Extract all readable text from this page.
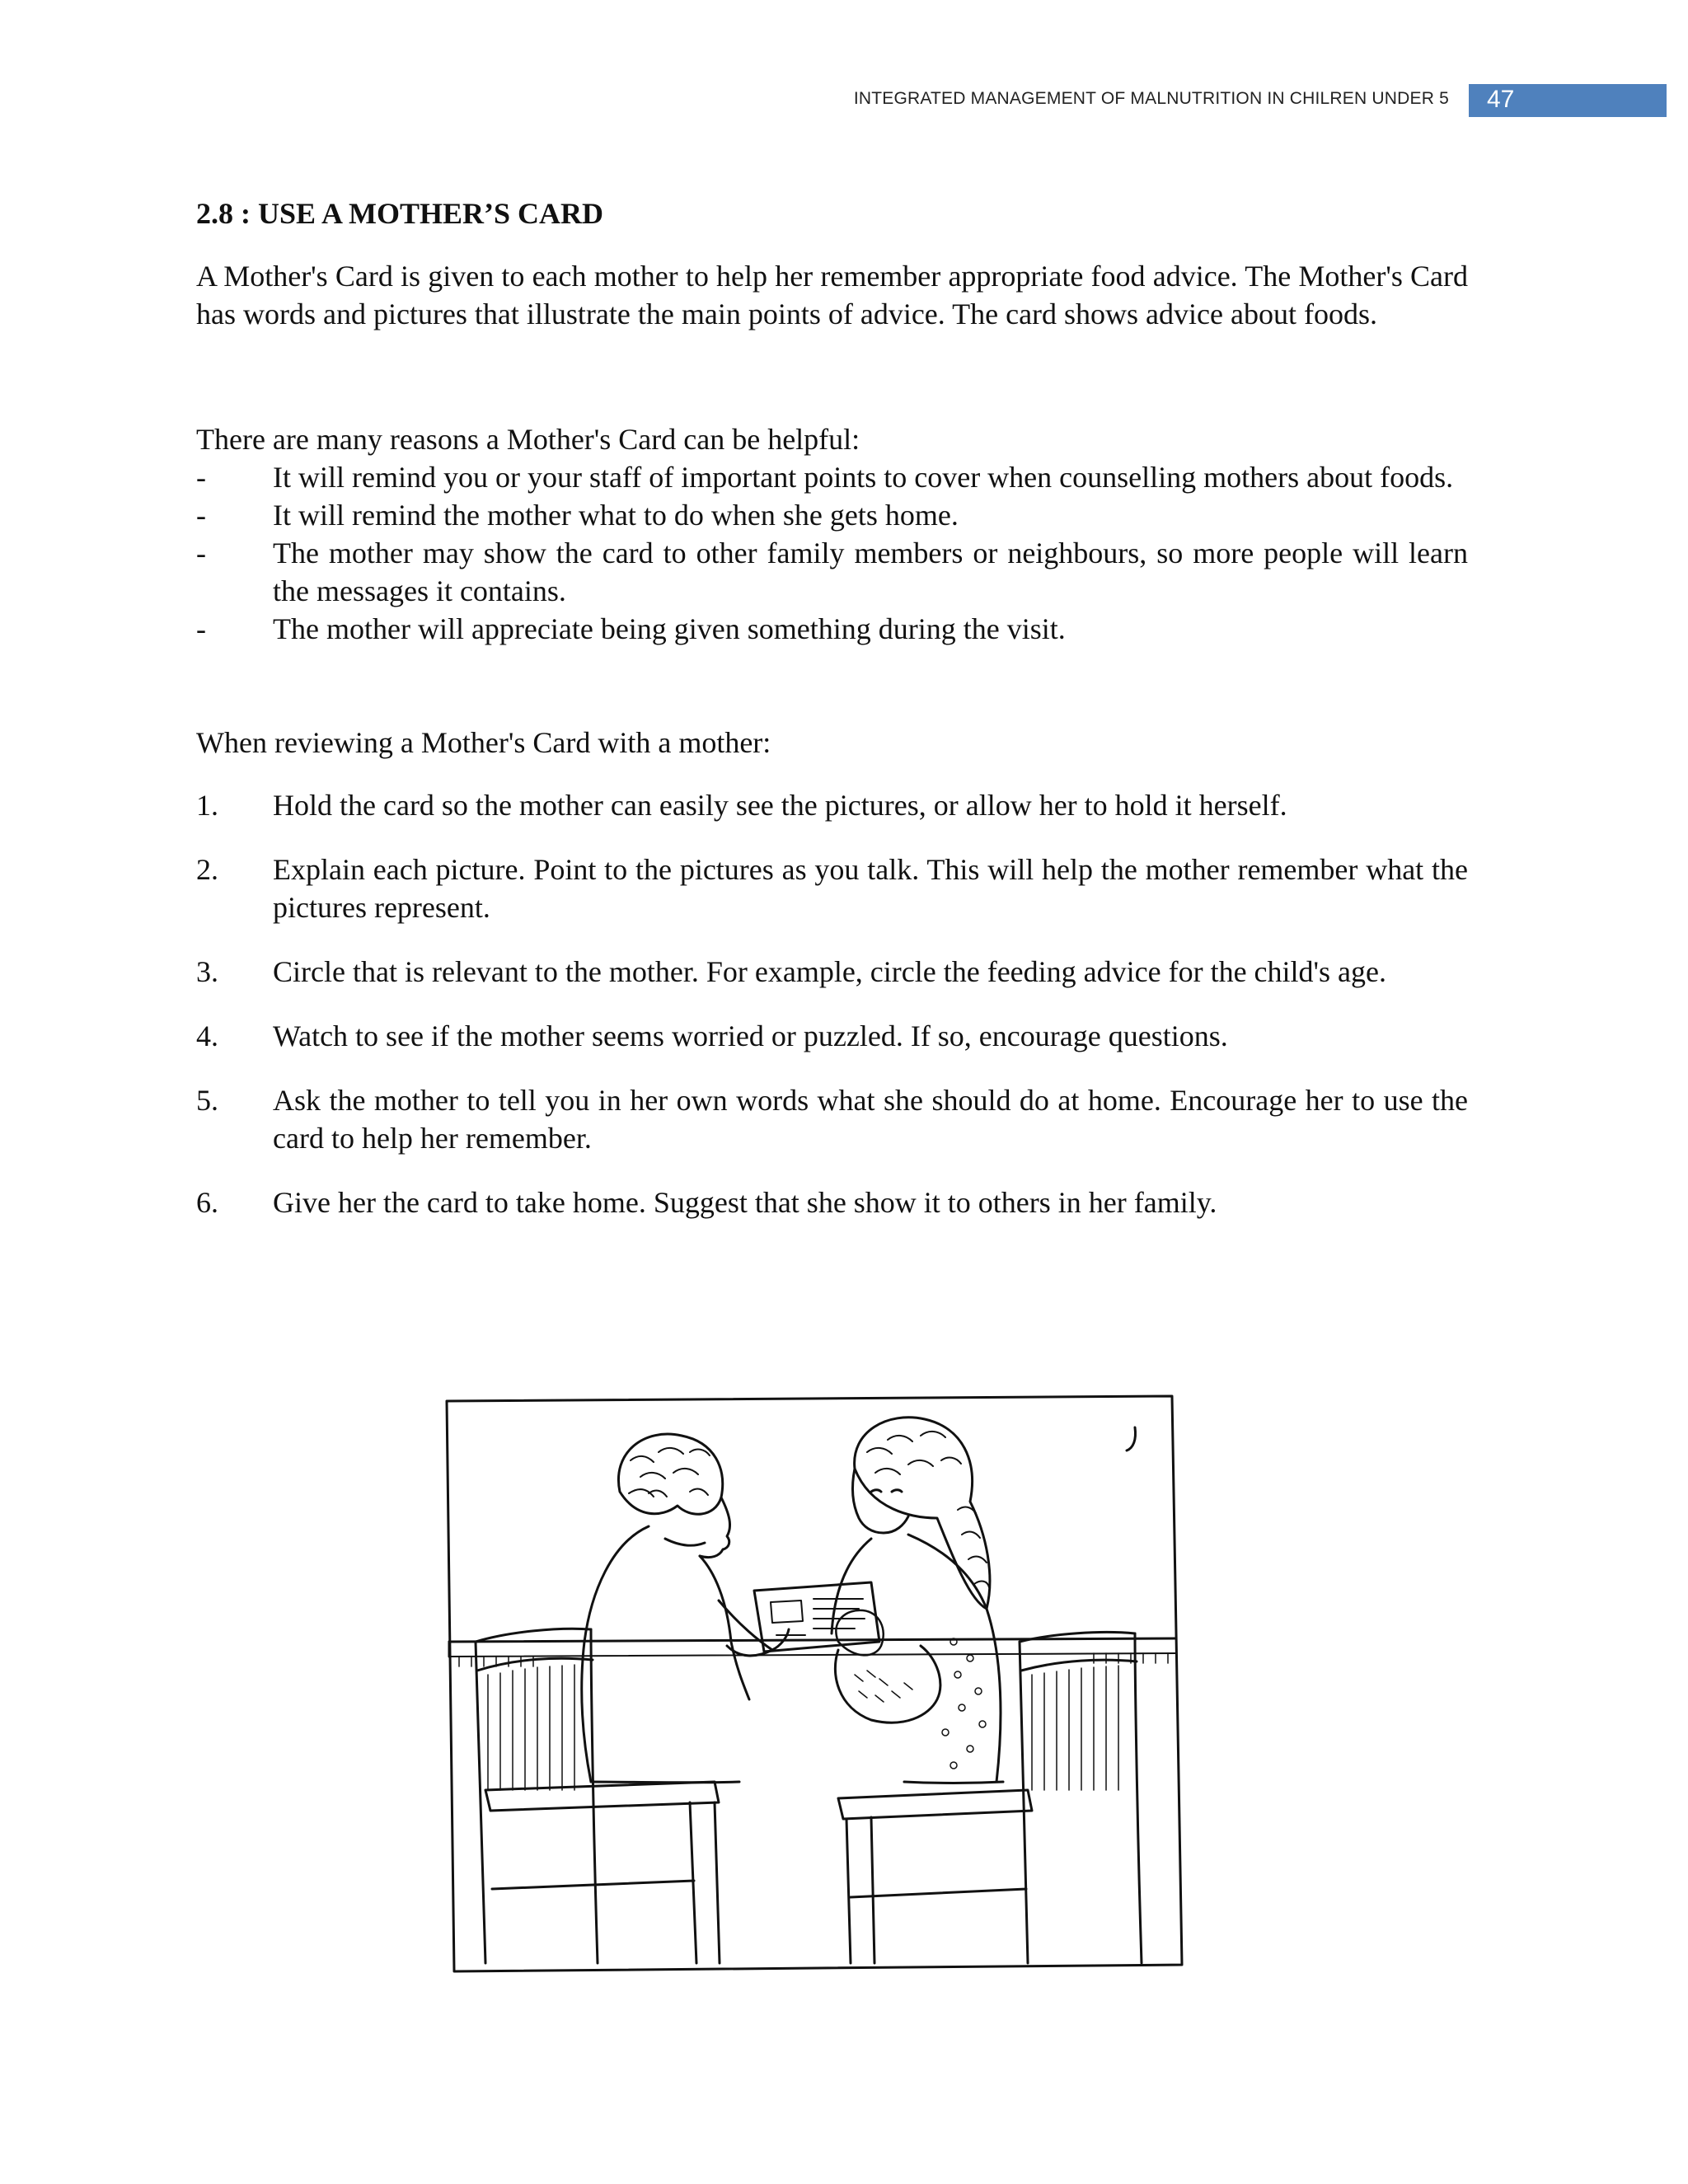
INTEGRATED MANAGEMENT OF MALNUTRITION IN CHILREN UNDER 5 47
2.8 : USE A MOTHER’S CARD

A Mother's Card is given to each mother to help her remember appropriate food advice. The Mother's Card has words and pictures that illustrate the main points of advice. The card shows advice about foods.

There are many reasons a Mother's Card can be helpful:

-	It will remind you or your staff of important points to cover when counselling mothers about foods.
-	It will remind the mother what to do when she gets home.
-	The mother may show the card to other family members or neighbours, so more people will learn the messages it contains.
-	The mother will appreciate being given something during the visit.

When reviewing a Mother's Card with a mother:

1.	Hold the card so the mother can easily see the pictures, or allow her to hold it herself.
2.	Explain each picture. Point to the pictures as you talk. This will help the mother remember what the pictures represent.
3.	Circle that is relevant to the mother. For example, circle the feeding advice for the child's age.
4.	Watch to see if the mother seems worried or puzzled. If so, encourage questions.
5.	Ask the mother to tell you in her own words what she should do at home. Encourage her to use the card to help her remember.
6.	Give her the card to take home. Suggest that she show it to others in her family.
